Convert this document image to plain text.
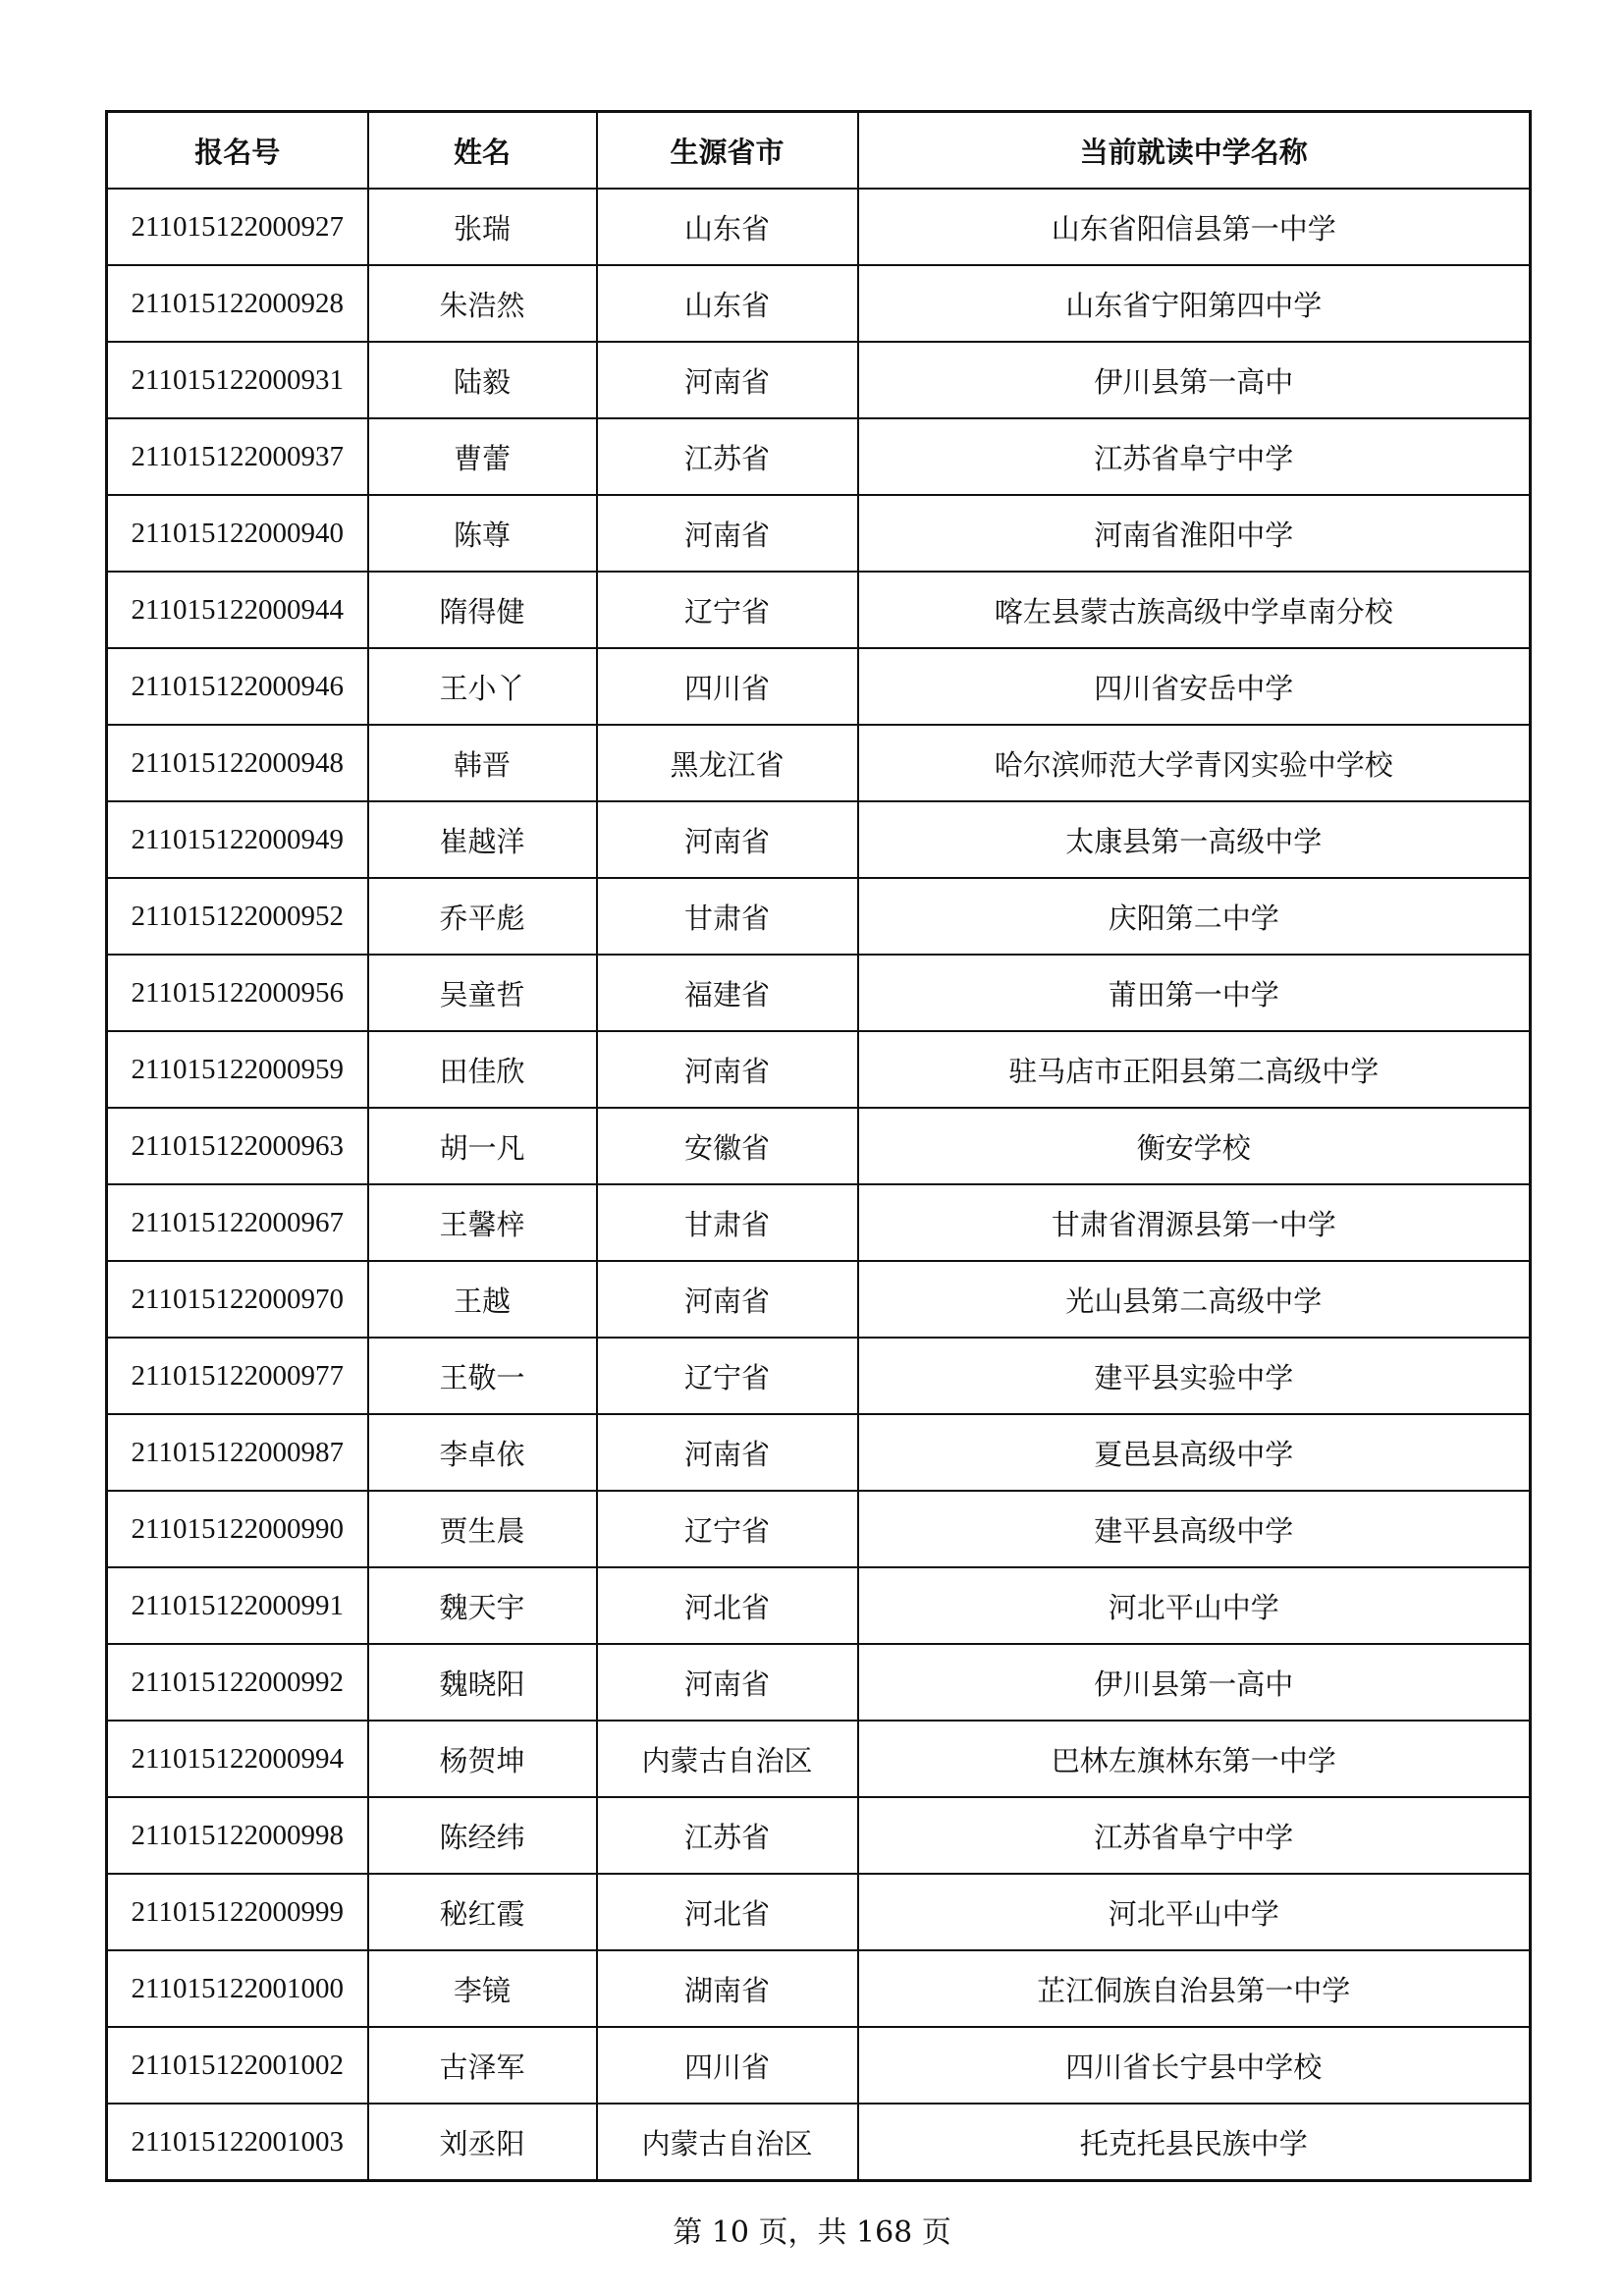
报名号	姓名	生源省市	当前就读中学名称
211015122000927	张瑞	山东省	山东省阳信县第一中学
211015122000928	朱浩然	山东省	山东省宁阳第四中学
211015122000931	陆毅	河南省	伊川县第一高中
211015122000937	曹蕾	江苏省	江苏省阜宁中学
211015122000940	陈尊	河南省	河南省淮阳中学
211015122000944	隋得健	辽宁省	喀左县蒙古族高级中学卓南分校
211015122000946	王小丫	四川省	四川省安岳中学
211015122000948	韩晋	黑龙江省	哈尔滨师范大学青冈实验中学校
211015122000949	崔越洋	河南省	太康县第一高级中学
211015122000952	乔平彪	甘肃省	庆阳第二中学
211015122000956	吴童哲	福建省	莆田第一中学
211015122000959	田佳欣	河南省	驻马店市正阳县第二高级中学
211015122000963	胡一凡	安徽省	衡安学校
211015122000967	王馨梓	甘肃省	甘肃省渭源县第一中学
211015122000970	王越	河南省	光山县第二高级中学
211015122000977	王敬一	辽宁省	建平县实验中学
211015122000987	李卓依	河南省	夏邑县高级中学
211015122000990	贾生晨	辽宁省	建平县高级中学
211015122000991	魏天宇	河北省	河北平山中学
211015122000992	魏晓阳	河南省	伊川县第一高中
211015122000994	杨贺坤	内蒙古自治区	巴林左旗林东第一中学
211015122000998	陈经纬	江苏省	江苏省阜宁中学
211015122000999	秘红霞	河北省	河北平山中学
211015122001000	李镜	湖南省	芷江侗族自治县第一中学
211015122001002	古泽军	四川省	四川省长宁县中学校
211015122001003	刘丞阳	内蒙古自治区	托克托县民族中学
第 10 页，共 168 页
